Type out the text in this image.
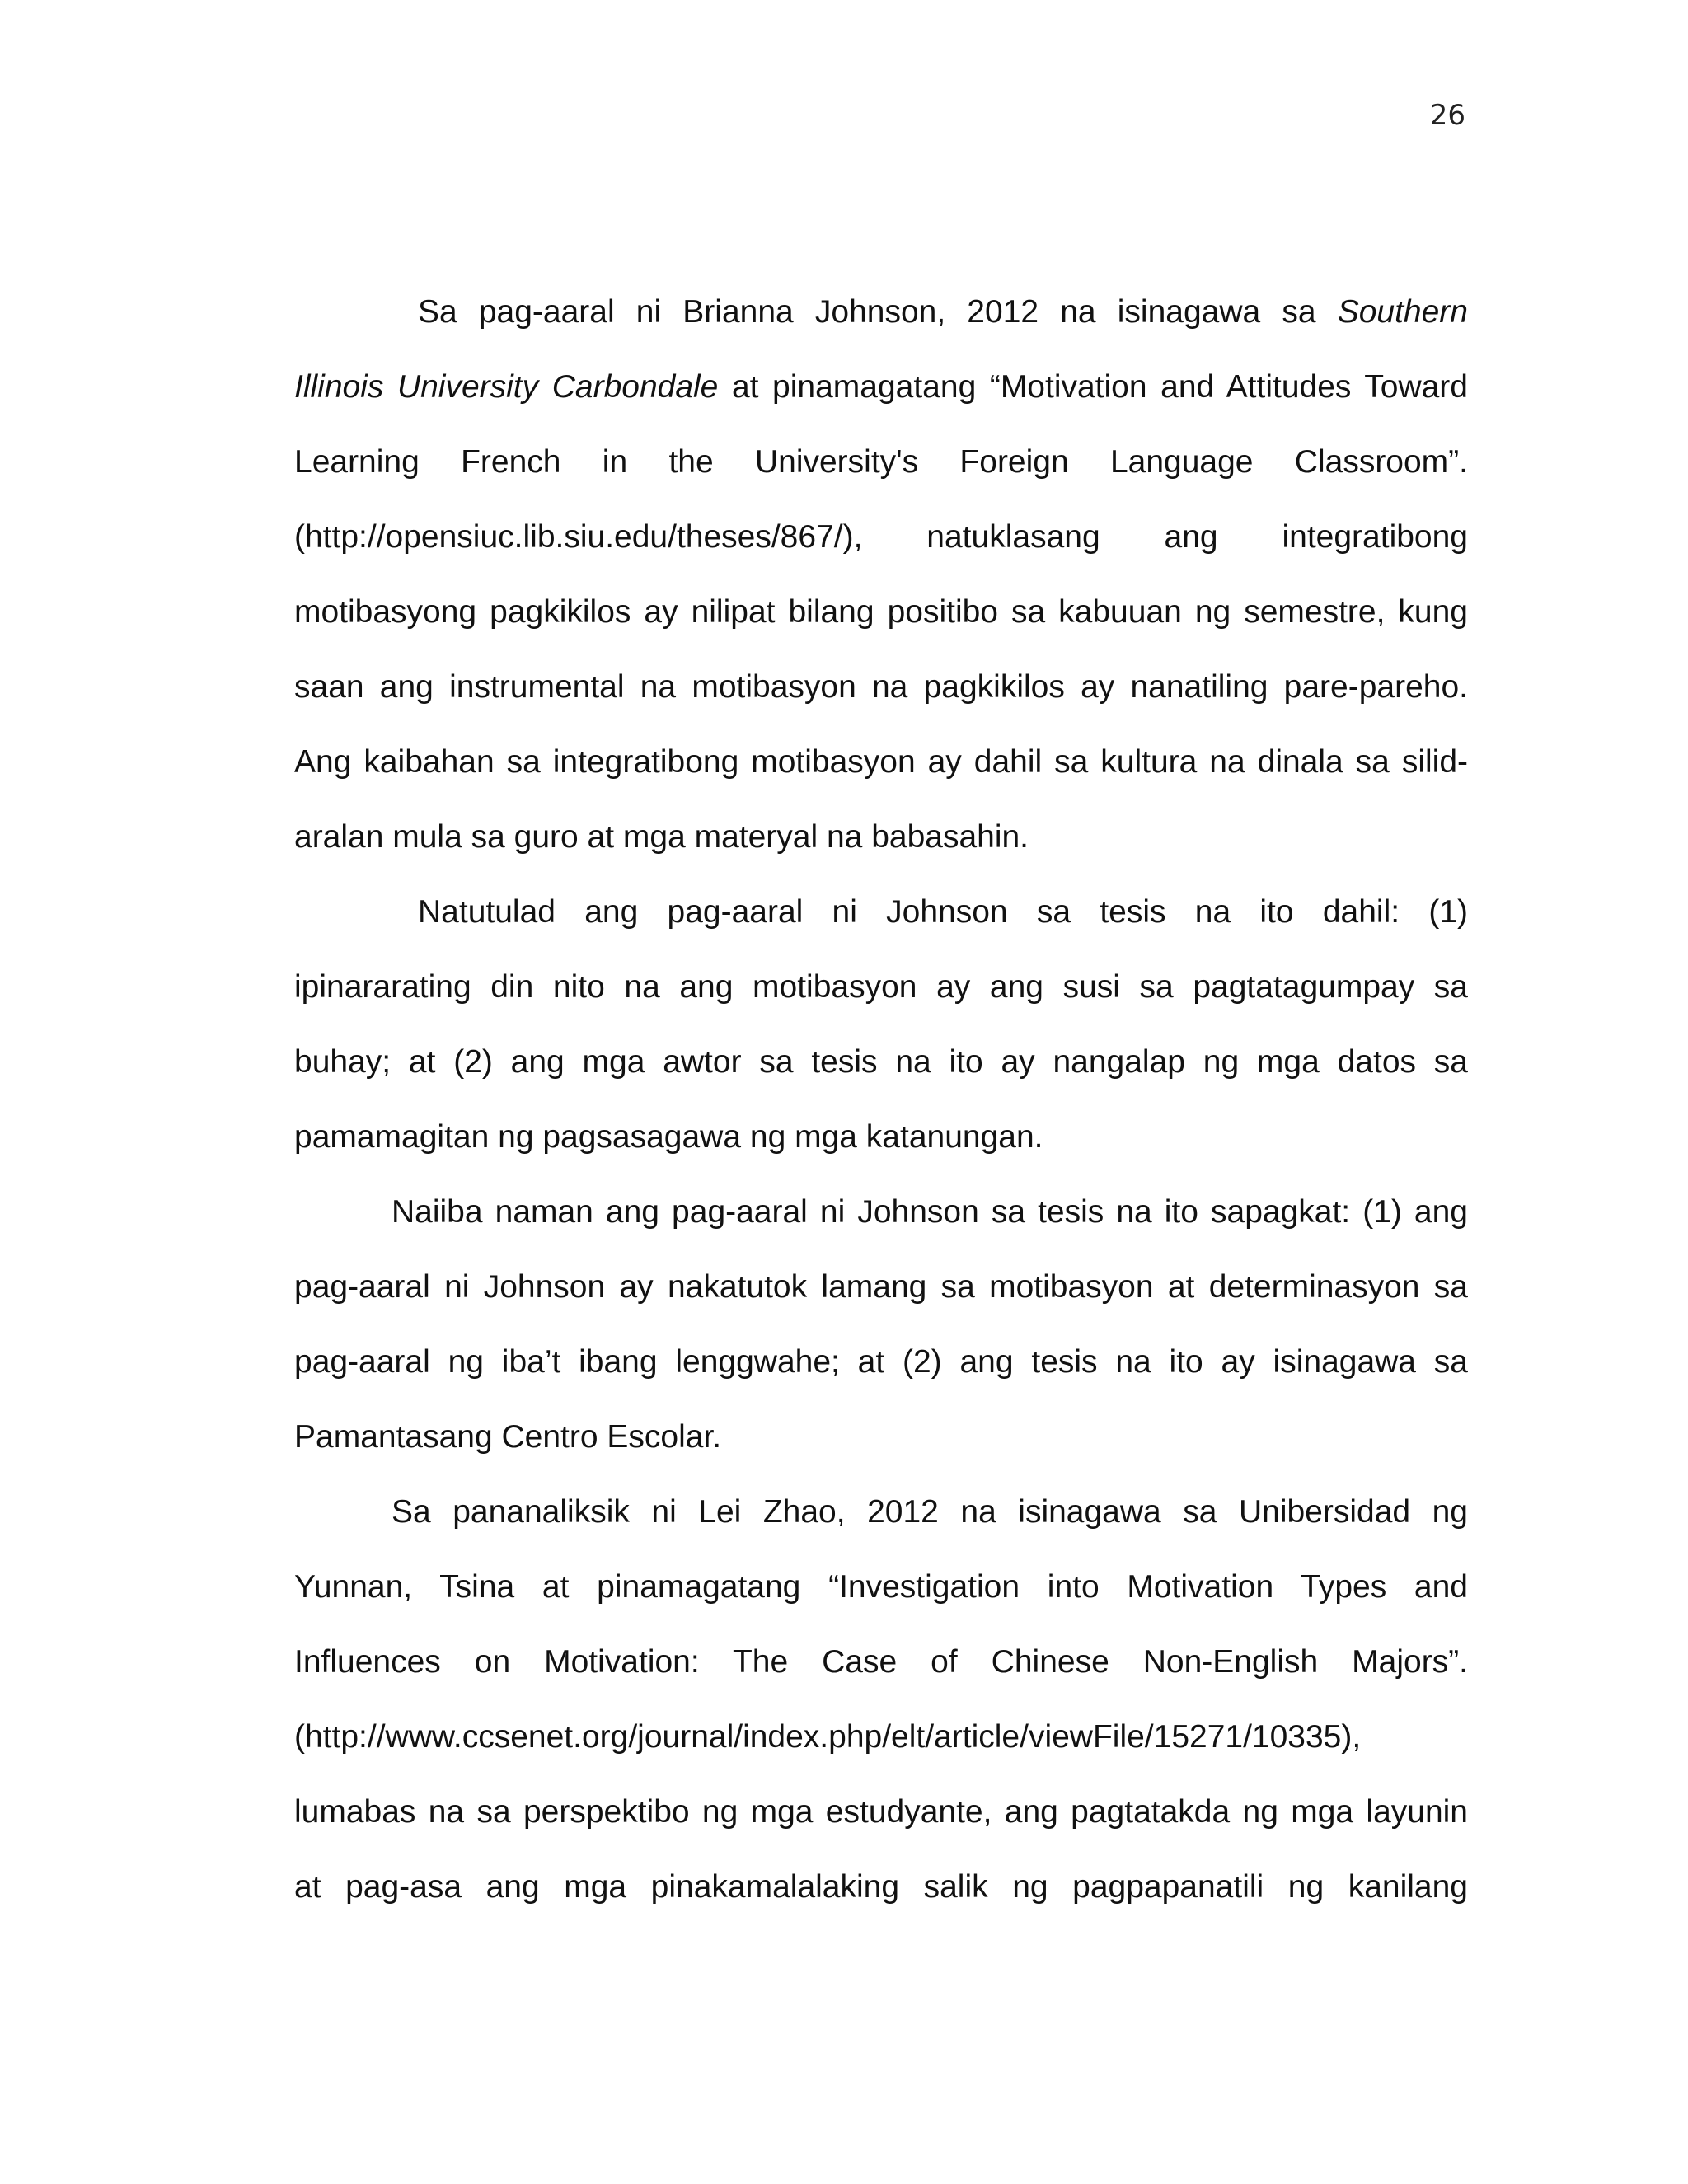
26
Sa pag-aaral ni Brianna Johnson, 2012 na isinagawa sa Southern
Illinois University Carbondale at pinamagatang “Motivation and Attitudes Toward
Learning French in the University's Foreign Language Classroom”.
(http://opensiuc.lib.siu.edu/theses/867/), natuklasang ang integratibong
motibasyong pagkikilos ay nilipat bilang positibo sa kabuuan ng semestre, kung
saan ang instrumental na motibasyon na pagkikilos ay nanatiling pare-pareho.
Ang kaibahan sa integratibong motibasyon ay dahil sa kultura na dinala sa silid-
aralan mula sa guro at mga materyal na babasahin.
Natutulad ang pag-aaral ni Johnson sa tesis na ito dahil: (1)
ipinararating din nito na ang motibasyon ay ang susi sa pagtatagumpay sa
buhay; at (2) ang mga awtor sa tesis na ito ay nangalap ng mga datos sa
pamamagitan ng pagsasagawa ng mga katanungan.
Naiiba naman ang pag-aaral ni Johnson sa tesis na ito sapagkat: (1) ang
pag-aaral ni Johnson ay nakatutok lamang sa motibasyon at determinasyon sa
pag-aaral ng iba’t ibang lenggwahe; at (2) ang tesis na ito ay isinagawa sa
Pamantasang Centro Escolar.
Sa pananaliksik ni Lei Zhao, 2012 na isinagawa sa Unibersidad ng
Yunnan, Tsina at pinamagatang “Investigation into Motivation Types and
Influences on Motivation: The Case of Chinese Non-English Majors”.
(http://www.ccsenet.org/journal/index.php/elt/article/viewFile/15271/10335),
lumabas na sa perspektibo ng mga estudyante, ang pagtatakda ng mga layunin
at pag-asa ang mga pinakamalalaking salik ng pagpapanatili ng kanilang
